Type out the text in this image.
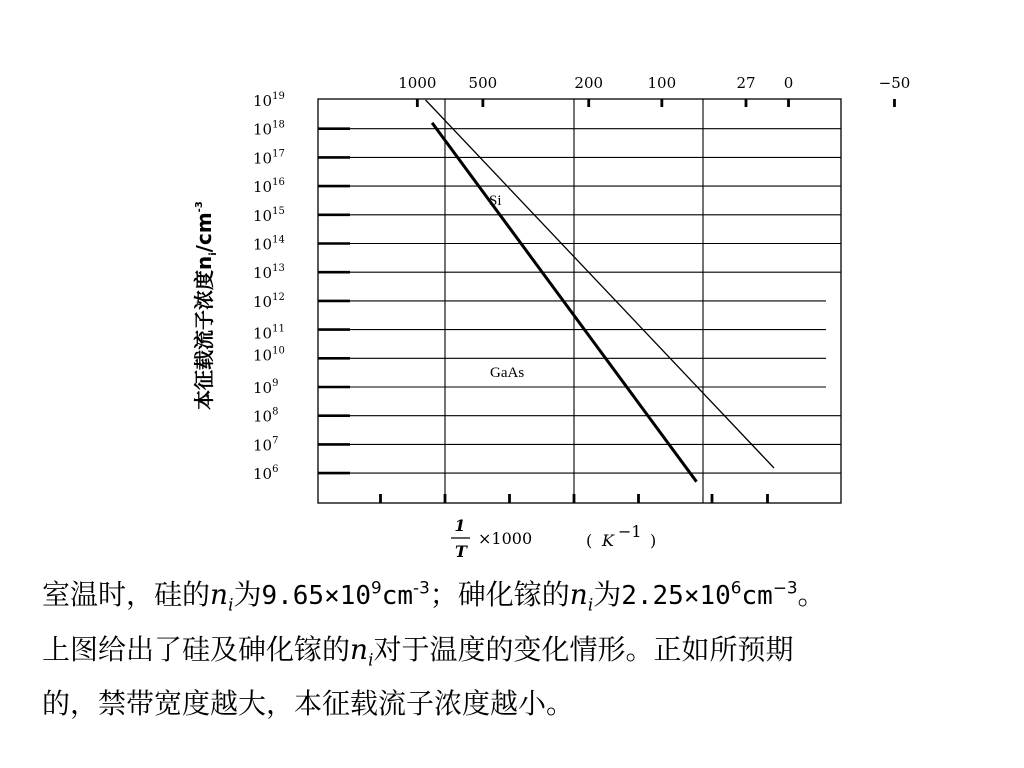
1000 500	200	100	27 0	−50
$10^{19}$
$10^{18}$
$10^{17}$
$10^{16}$
$10^{15}$
$10^{14}$
$10^{13}$
$10^{12}$
$10^{11}$
$10^{10}$
$10^9$
$10^8$
$10^7$
$10^6$
Si
GaAs
本征载流子浓度$n_i/cm^{-3}$
1
T
×1000	( K −1 )

室温时，硅的$n_i$为$9.65\times 10^9cm^{-3}$；砷化镓的$n_i$为$2.25\times 10^6cm^{-3}$。

上图给出了硅及砷化镓的$n_i$对于温度的变化情形。正如所预期

的，禁带宽度越大，本征载流子浓度越小。
